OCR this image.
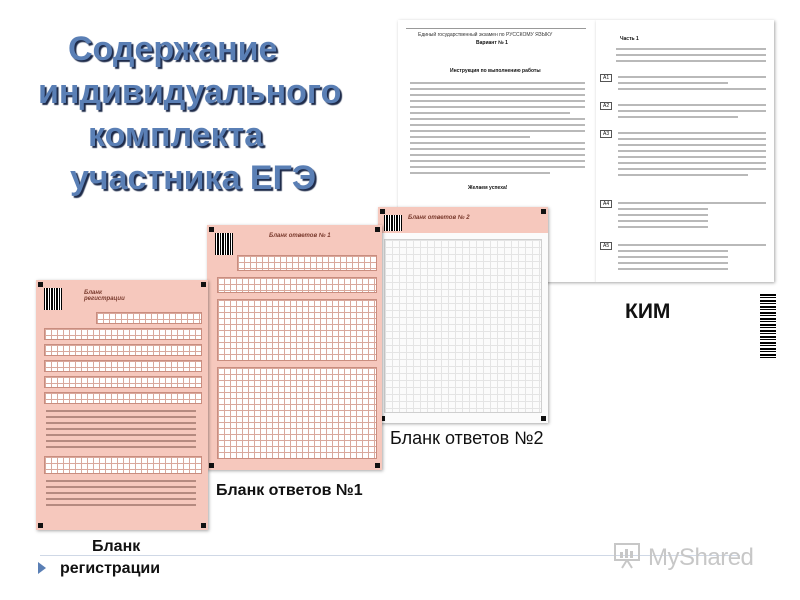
Содержание
индивидуального
комплекта
участника ЕГЭ
Единый государственный экзамен по РУССКОМУ ЯЗЫКУ
Вариант № 1
Инструкция по выполнению работы
Желаем успеха!
Часть 1
A1
A2
A3
A4
A5
КИМ
Бланк ответов № 2
Бланк ответов №2
Бланк ответов № 1
Бланк ответов №1
Бланк регистрации
Бланк
регистрации	MyShared
